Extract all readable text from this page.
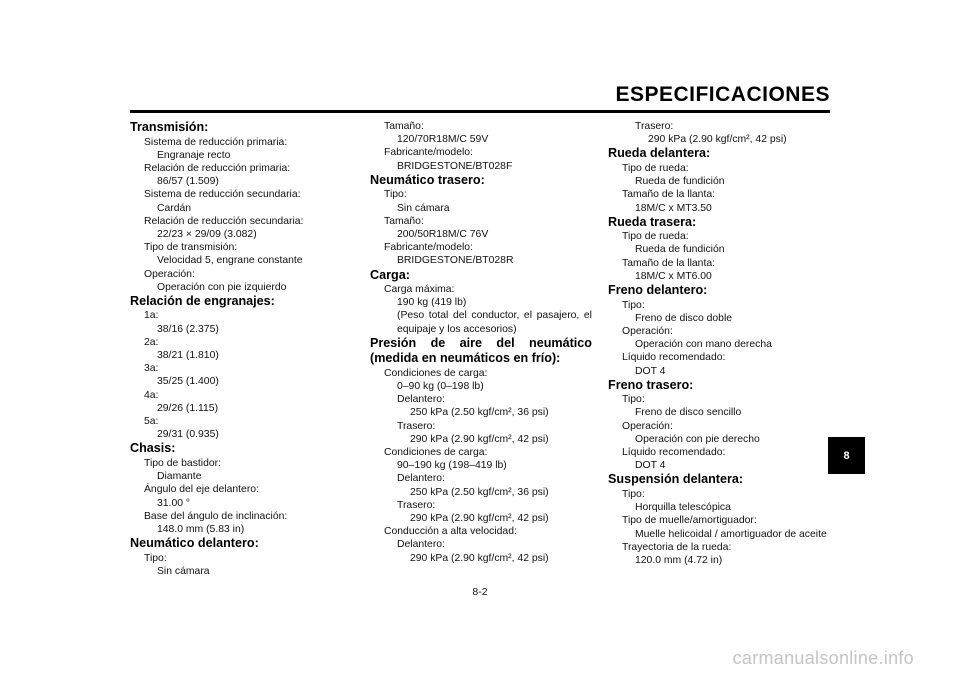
ESPECIFICACIONES
Transmisión:
Sistema de reducción primaria:
Engranaje recto
Relación de reducción primaria:
86/57 (1.509)
Sistema de reducción secundaria:
Cardán
Relación de reducción secundaria:
22/23 × 29/09 (3.082)
Tipo de transmisión:
Velocidad 5, engrane constante
Operación:
Operación con pie izquierdo
Relación de engranajes:
1a:
38/16 (2.375)
2a:
38/21 (1.810)
3a:
35/25 (1.400)
4a:
29/26 (1.115)
5a:
29/31 (0.935)
Chasis:
Tipo de bastidor:
Diamante
Ángulo del eje delantero:
31.00 °
Base del ángulo de inclinación:
148.0 mm (5.83 in)
Neumático delantero:
Tipo:
Sin cámara
Tamaño:
120/70R18M/C 59V
Fabricante/modelo:
BRIDGESTONE/BT028F
Neumático trasero:
Tipo:
Sin cámara
Tamaño:
200/50R18M/C 76V
Fabricante/modelo:
BRIDGESTONE/BT028R
Carga:
Carga máxima:
190 kg (419 lb)
(Peso total del conductor, el pasajero, el equipaje y los accesorios)
Presión de aire del neumático (medida en neumáticos en frío):
Condiciones de carga:
0–90 kg (0–198 lb)
Delantero:
250 kPa (2.50 kgf/cm², 36 psi)
Trasero:
290 kPa (2.90 kgf/cm², 42 psi)
Condiciones de carga:
90–190 kg (198–419 lb)
Delantero:
250 kPa (2.50 kgf/cm², 36 psi)
Trasero:
290 kPa (2.90 kgf/cm², 42 psi)
Conducción a alta velocidad:
Delantero:
290 kPa (2.90 kgf/cm², 42 psi)
Trasero:
290 kPa (2.90 kgf/cm², 42 psi)
Rueda delantera:
Tipo de rueda:
Rueda de fundición
Tamaño de la llanta:
18M/C x MT3.50
Rueda trasera:
Tipo de rueda:
Rueda de fundición
Tamaño de la llanta:
18M/C x MT6.00
Freno delantero:
Tipo:
Freno de disco doble
Operación:
Operación con mano derecha
Líquido recomendado:
DOT 4
Freno trasero:
Tipo:
Freno de disco sencillo
Operación:
Operación con pie derecho
Líquido recomendado:
DOT 4
Suspensión delantera:
Tipo:
Horquilla telescópica
Tipo de muelle/amortiguador:
Muelle helicoidal / amortiguador de aceite
Trayectoria de la rueda:
120.0 mm (4.72 in)
8
8-2
carmanualsonline.info
